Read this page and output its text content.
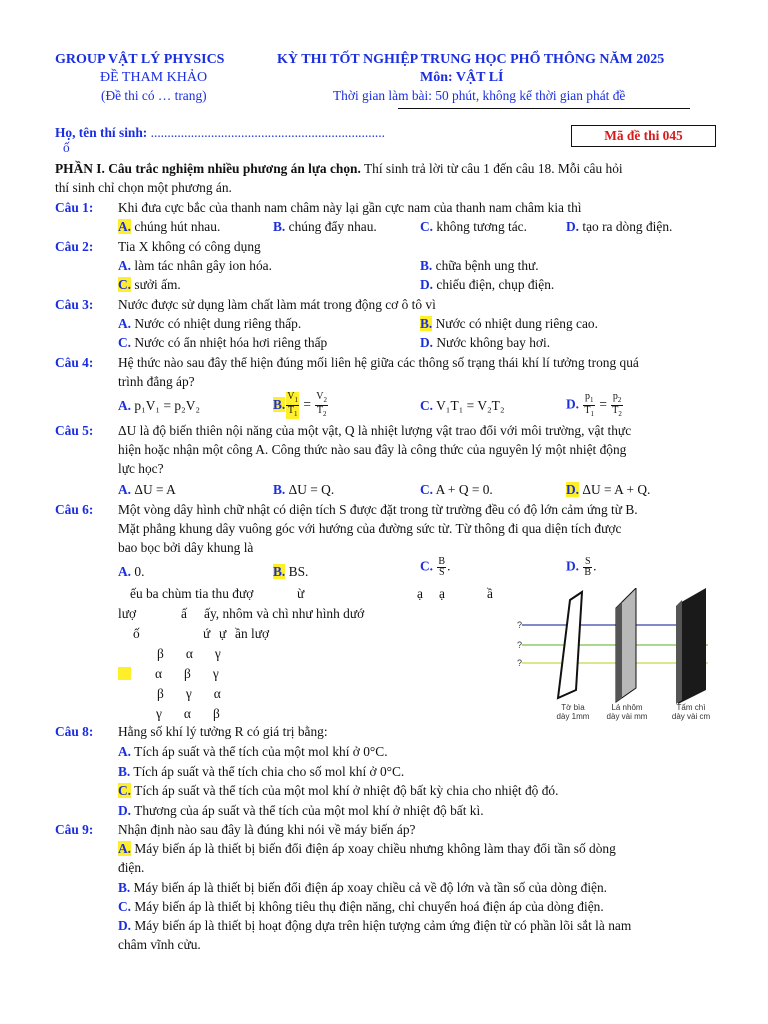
GROUP VẬT LÝ PHYSICS
ĐỀ THAM KHẢO
(Đề thi có … trang)
KỲ THI TỐT NGHIỆP TRUNG HỌC PHỔ THÔNG NĂM 2025
Môn: VẬT LÍ
Thời gian làm bài: 50 phút, không kể thời gian phát đề
Họ, tên thí sinh: ......................................................................
ố
Mã đề thi 045
PHẦN I. Câu trắc nghiệm nhiều phương án lựa chọn. Thí sinh trả lời từ câu 1 đến câu 18. Mỗi câu hỏi
thí sinh chỉ chọn một phương án.
Câu 1: Khi đưa cực bắc của thanh nam châm này lại gần cực nam của thanh nam châm kia thì
A. chúng hút nhau.	B. chúng đẩy nhau.	C. không tương tác.	D. tạo ra dòng điện.
Câu 2: Tia X không có công dụng
A. làm tác nhân gây ion hóa.	B. chữa bệnh ung thư.
C. sưởi ấm.	D. chiếu điện, chụp điện.
Câu 3: Nước được sử dụng làm chất làm mát trong động cơ ô tô vì
A. Nước có nhiệt dung riêng thấp.	B. Nước có nhiệt dung riêng cao.
C. Nước có ẩn nhiệt hóa hơi riêng thấp	D. Nước không bay hơi.
Câu 4: Hệ thức nào sau đây thể hiện đúng mối liên hệ giữa các thông số trạng thái khí lí tưởng trong quá
trình đẳng áp?
A. p₁V₁ = p₂V₂	B. $\frac{V_1}{T_1} = \frac{V_2}{T_2}$	C. V₁T₁ = V₂T₂	D. $\frac{p_1}{T_1} = \frac{p_2}{T_2}$
Câu 5: ΔU là độ biến thiên nội năng của một vật, Q là nhiệt lượng vật trao đổi với môi trường, vật thực
hiện hoặc nhận một công A. Công thức nào sau đây là công thức của nguyên lý một nhiệt động
lực học?
A. ΔU = A	B. ΔU = Q.	C. A + Q = 0.	D. ΔU = A + Q.
Câu 6: Một vòng dây hình chữ nhật có diện tích S được đặt trong từ trường đều có độ lớn cảm ứng từ B.
Mặt phẳng khung dây vuông góc với hướng của đường sức từ. Từ thông đi qua diện tích được
bao bọc bởi dây khung là
A. 0.	B. BS.	C. $\frac{B}{S}$ .	D. $\frac{S}{B}$ .
ếu ba chùm tia thu đượ	ừ	ạ ạ	ầ
lượ	ấ ấy, nhôm và chì như hình dướ
ố	ứ ự ần lượ
β α γ
α β γ
β γ α
γ α β
?
?
?
Tờ bìa
dày 1mm
Lá nhôm
dày vài mm
Tấm chì
dày vài cm
Câu 8: Hằng số khí lý tưởng R có giá trị bằng:
A. Tích áp suất và thể tích của một mol khí ở 0°C.
B. Tích áp suất và thể tích chia cho số mol khí ở 0°C.
C. Tích áp suất và thể tích của một mol khí ở nhiệt độ bất kỳ chia cho nhiệt độ đó.
D. Thương của áp suất và thể tích của một mol khí ở nhiệt độ bất kì.
Câu 9: Nhận định nào sau đây là đúng khi nói về máy biến áp?
A. Máy biến áp là thiết bị biến đổi điện áp xoay chiều nhưng không làm thay đổi tần số dòng
điện.
B. Máy biến áp là thiết bị biến đổi điện áp xoay chiều cả về độ lớn và tần số của dòng điện.
C. Máy biến áp là thiết bị không tiêu thụ điện năng, chỉ chuyển hoá điện áp của dòng điện.
D. Máy biến áp là thiết bị hoạt động dựa trên hiện tượng cảm ứng điện từ có phần lõi sắt là nam
châm vĩnh cửu.
